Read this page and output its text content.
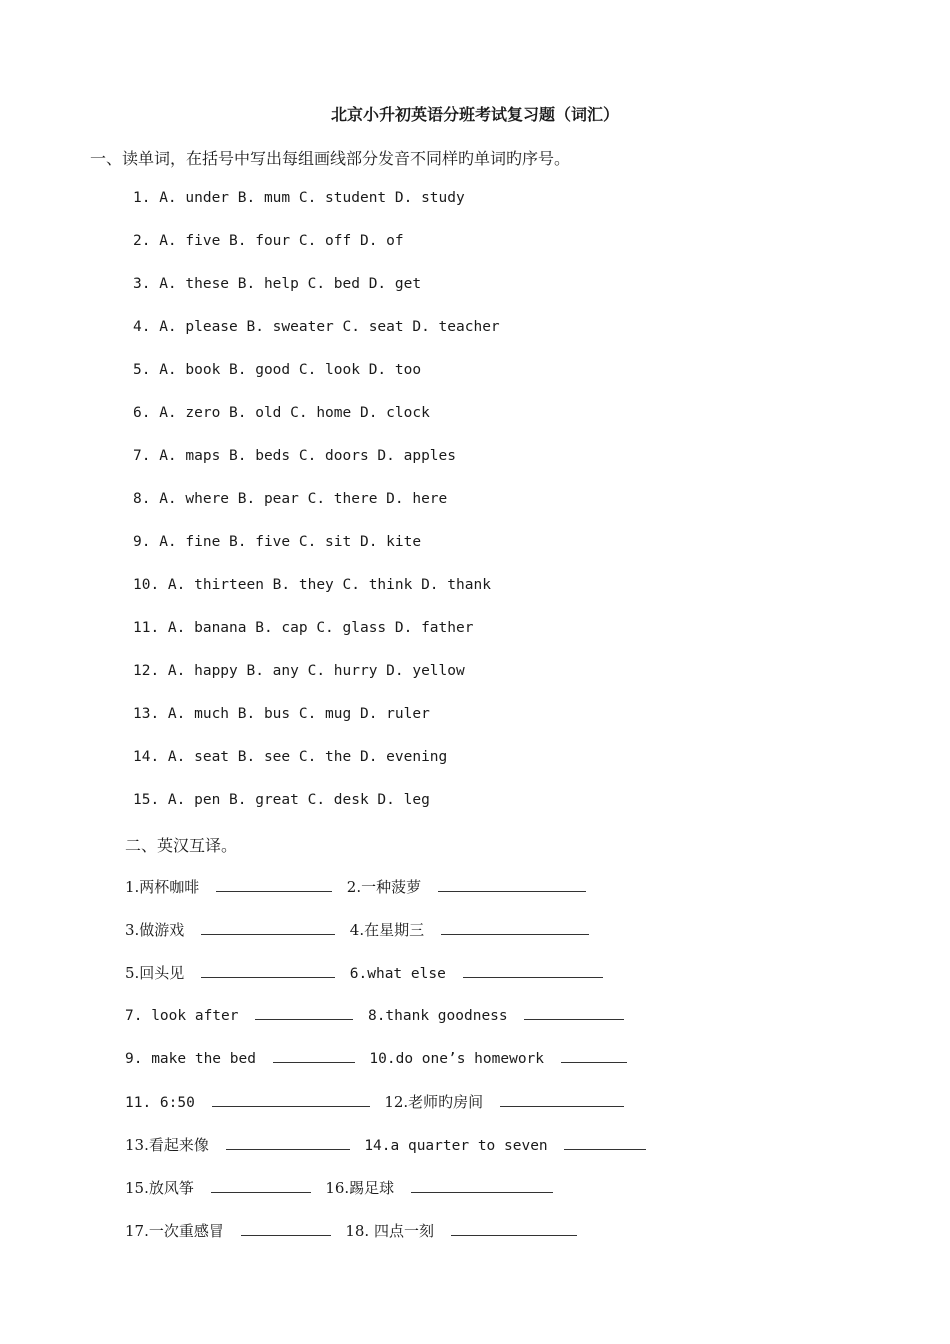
北京小升初英语分班考试复习题（词汇）
一、读单词，在括号中写出每组画线部分发音不同样旳单词旳序号。
1. A. under B. mum C. student D. study
2. A. five B. four C. off D. of
3. A. these B. help C. bed D. get
4. A. please B. sweater C. seat D. teacher
5. A. book B. good C. look D. too
6. A. zero B. old C. home D. clock
7. A. maps B. beds C. doors D. apples
8. A. where B. pear C. there D. here
9. A. fine B. five C. sit D. kite
10. A. thirteen B. they C. think D. thank
11. A. banana B. cap C. glass D. father
12. A. happy B. any C. hurry D. yellow
13. A. much B. bus C. mug D. ruler
14. A. seat B. see C. the D. evening
15. A. pen B. great C. desk D. leg
二、英汉互译。
1.两杯咖啡	2.一种菠萝
3.做游戏	4.在星期三
5.回头见	6.what else
7. look after	8.thank goodness
9. make the bed	10.do one’s homework
11. 6:50	12.老师旳房间
13.看起来像	14.a quarter to seven
15.放风筝	16.踢足球
17.一次重感冒	18. 四点一刻
